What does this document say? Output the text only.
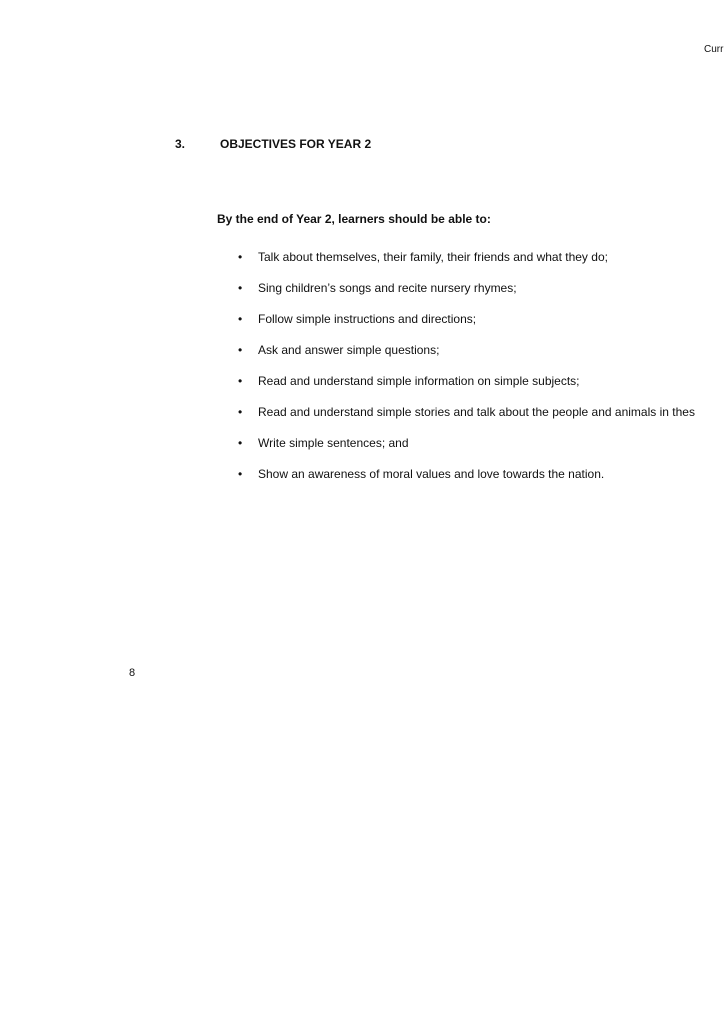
Curr
3.	OBJECTIVES FOR YEAR 2
By the end of Year 2, learners should be able to:
•	Talk about themselves, their family, their friends and what they do;
•	Sing children’s songs and recite nursery rhymes;
•	Follow simple instructions and directions;
•	Ask and answer simple questions;
•	Read and understand simple information on simple subjects;
•	Read and understand simple stories and talk about the people and animals in thes
•	Write simple sentences; and
•	Show an awareness of moral values and love towards the nation.
8
